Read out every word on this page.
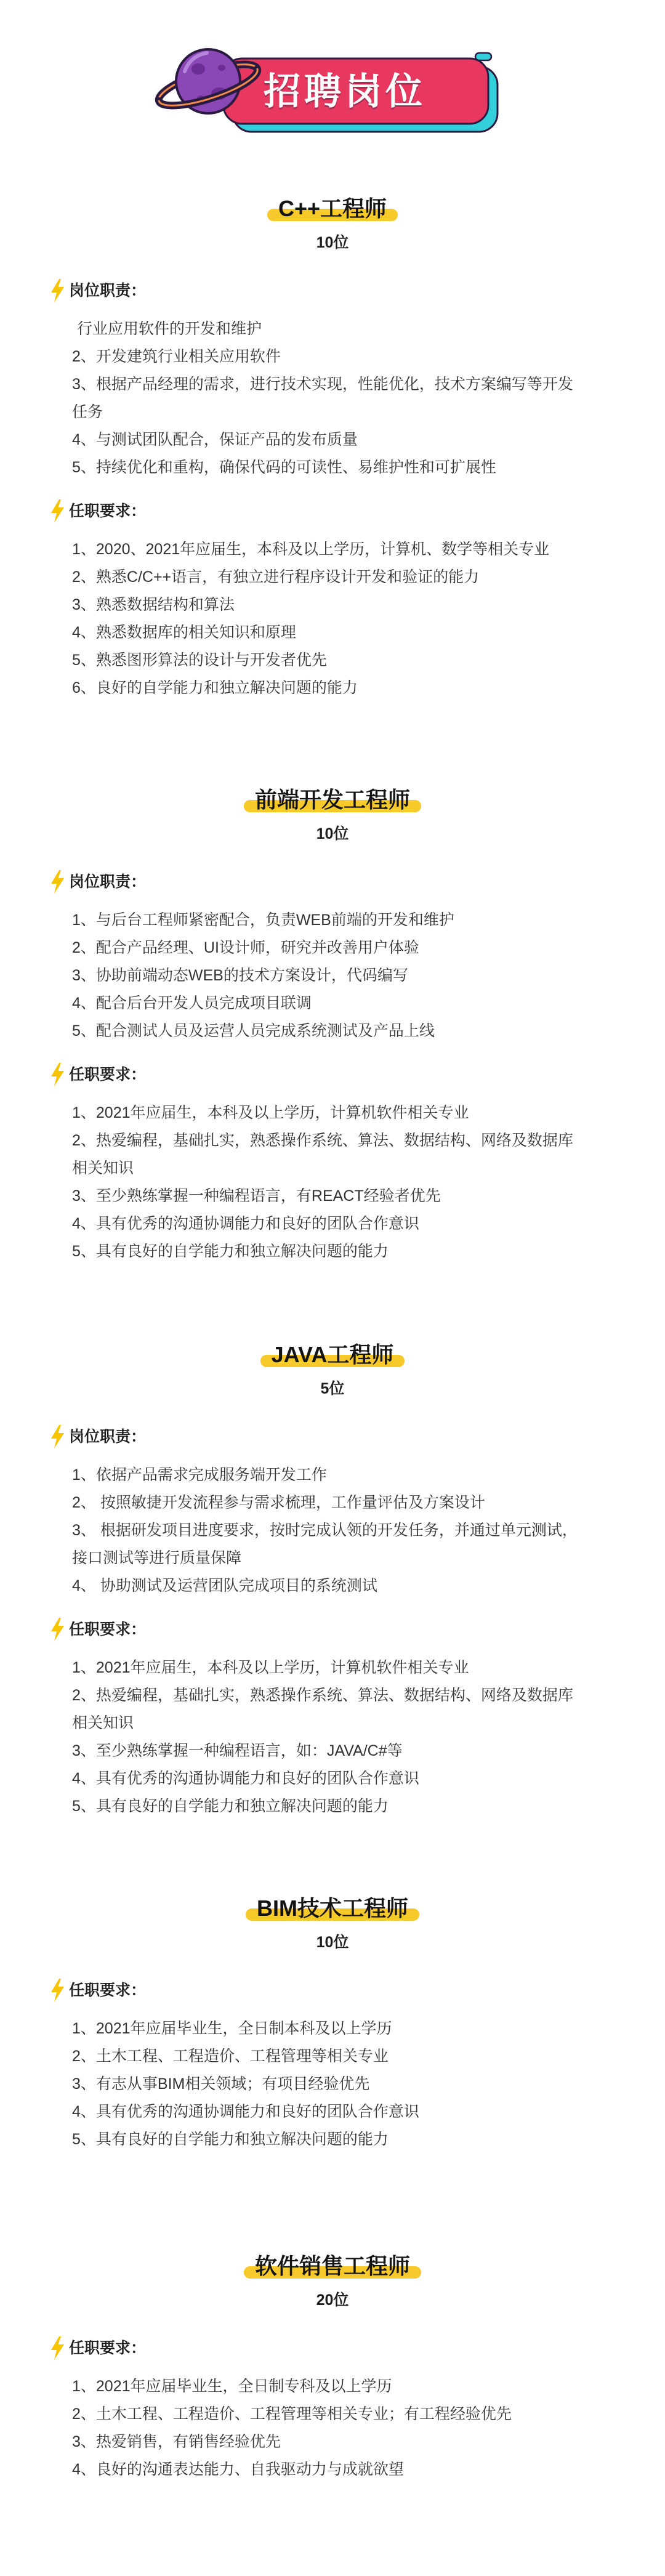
招聘岗位
C++工程师
10位
岗位职责：
行业应用软件的开发和维护
2、开发建筑行业相关应用软件
3、根据产品经理的需求，进行技术实现，性能优化，技术方案编写等开发
任务
4、与测试团队配合，保证产品的发布质量
5、持续优化和重构，确保代码的可读性、易维护性和可扩展性
任职要求：
1、2020、2021年应届生，本科及以上学历，计算机、数学等相关专业
2、熟悉C/C++语言，有独立进行程序设计开发和验证的能力
3、熟悉数据结构和算法
4、熟悉数据库的相关知识和原理
5、熟悉图形算法的设计与开发者优先
6、良好的自学能力和独立解决问题的能力
前端开发工程师
10位
岗位职责：
1、与后台工程师紧密配合，负责WEB前端的开发和维护
2、配合产品经理、UI设计师，研究并改善用户体验
3、协助前端动态WEB的技术方案设计，代码编写
4、配合后台开发人员完成项目联调
5、配合测试人员及运营人员完成系统测试及产品上线
任职要求：
1、2021年应届生，本科及以上学历，计算机软件相关专业
2、热爱编程，基础扎实，熟悉操作系统、算法、数据结构、网络及数据库
相关知识
3、至少熟练掌握一种编程语言，有REACT经验者优先
4、具有优秀的沟通协调能力和良好的团队合作意识
5、具有良好的自学能力和独立解决问题的能力
JAVA工程师
5位
岗位职责：
1、依据产品需求完成服务端开发工作
2、 按照敏捷开发流程参与需求梳理，工作量评估及方案设计
3、 根据研发项目进度要求，按时完成认领的开发任务，并通过单元测试，
接口测试等进行质量保障
4、 协助测试及运营团队完成项目的系统测试
任职要求：
1、2021年应届生，本科及以上学历，计算机软件相关专业
2、热爱编程，基础扎实，熟悉操作系统、算法、数据结构、网络及数据库
相关知识
3、至少熟练掌握一种编程语言，如：JAVA/C#等
4、具有优秀的沟通协调能力和良好的团队合作意识
5、具有良好的自学能力和独立解决问题的能力
BIM技术工程师
10位
任职要求：
1、2021年应届毕业生，全日制本科及以上学历
2、土木工程、工程造价、工程管理等相关专业
3、有志从事BIM相关领域；有项目经验优先
4、具有优秀的沟通协调能力和良好的团队合作意识
5、具有良好的自学能力和独立解决问题的能力
软件销售工程师
20位
任职要求：
1、2021年应届毕业生，全日制专科及以上学历
2、土木工程、工程造价、工程管理等相关专业；有工程经验优先
3、热爱销售，有销售经验优先
4、良好的沟通表达能力、自我驱动力与成就欲望
